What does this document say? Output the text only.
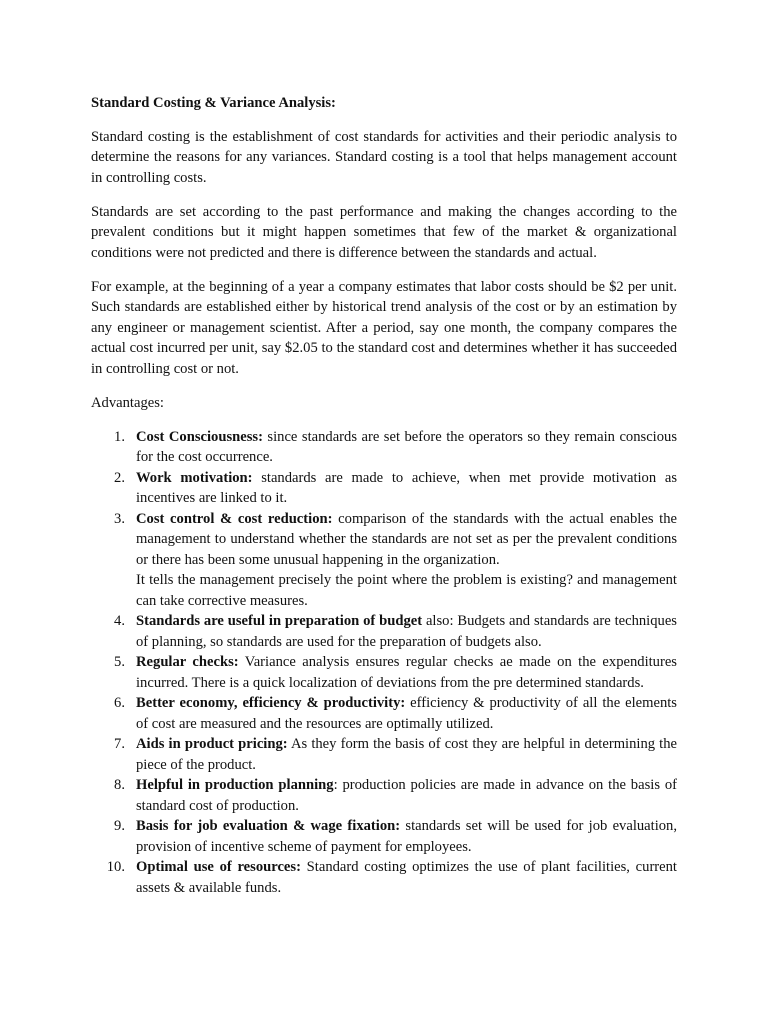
Standard Costing & Variance Analysis:
Standard costing is the establishment of cost standards for activities and their periodic analysis to determine the reasons for any variances. Standard costing is a tool that helps management account in controlling costs.
Standards are set according to the past performance and making the changes according to the prevalent conditions but it might happen sometimes that few of the market & organizational conditions were not predicted and there is difference between the standards and actual.
For example, at the beginning of a year a company estimates that labor costs should be $2 per unit. Such standards are established either by historical trend analysis of the cost or by an estimation by any engineer or management scientist. After a period, say one month, the company compares the actual cost incurred per unit, say $2.05 to the standard cost and determines whether it has succeeded in controlling cost or not.
Advantages:
1. Cost Consciousness: since standards are set before the operators so they remain conscious for the cost occurrence.
2. Work motivation: standards are made to achieve, when met provide motivation as incentives are linked to it.
3. Cost control & cost reduction: comparison of the standards with the actual enables the management to understand whether the standards are not set as per the prevalent conditions or there has been some unusual happening in the organization.
It tells the management precisely the point where the problem is existing? and management can take corrective measures.
4. Standards are useful in preparation of budget also: Budgets and standards are techniques of planning, so standards are used for the preparation of budgets also.
5. Regular checks: Variance analysis ensures regular checks ae made on the expenditures incurred. There is a quick localization of deviations from the pre determined standards.
6. Better economy, efficiency & productivity: efficiency & productivity of all the elements of cost are measured and the resources are optimally utilized.
7. Aids in product pricing: As they form the basis of cost they are helpful in determining the piece of the product.
8. Helpful in production planning: production policies are made in advance on the basis of standard cost of production.
9. Basis for job evaluation & wage fixation: standards set will be used for job evaluation, provision of incentive scheme of payment for employees.
10. Optimal use of resources: Standard costing optimizes the use of plant facilities, current assets & available funds.
